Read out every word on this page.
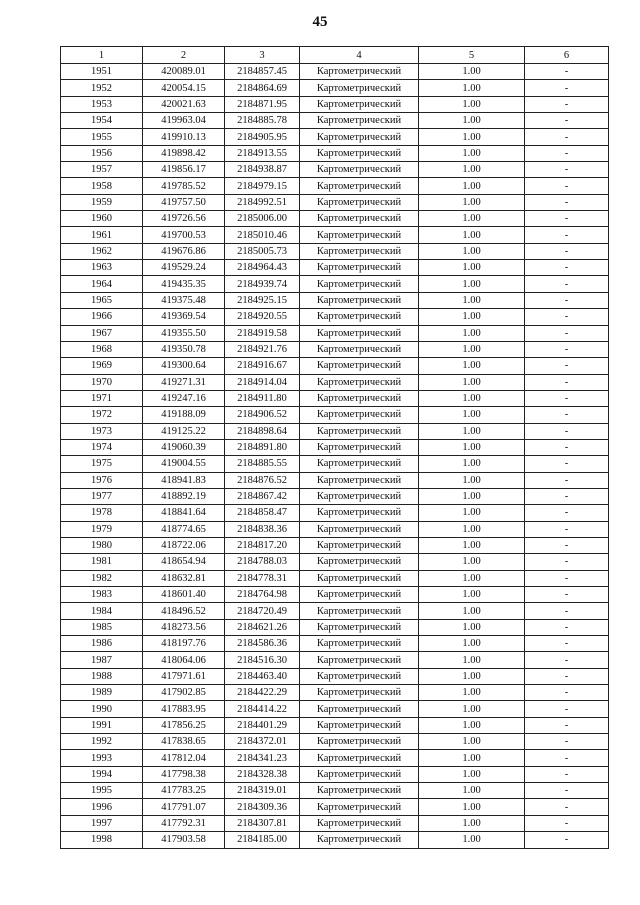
45
1	2	3	4	5	6
1951	420089.01	2184857.45	Картометрический	1.00	-
1952	420054.15	2184864.69	Картометрический	1.00	-
1953	420021.63	2184871.95	Картометрический	1.00	-
1954	419963.04	2184885.78	Картометрический	1.00	-
1955	419910.13	2184905.95	Картометрический	1.00	-
1956	419898.42	2184913.55	Картометрический	1.00	-
1957	419856.17	2184938.87	Картометрический	1.00	-
1958	419785.52	2184979.15	Картометрический	1.00	-
1959	419757.50	2184992.51	Картометрический	1.00	-
1960	419726.56	2185006.00	Картометрический	1.00	-
1961	419700.53	2185010.46	Картометрический	1.00	-
1962	419676.86	2185005.73	Картометрический	1.00	-
1963	419529.24	2184964.43	Картометрический	1.00	-
1964	419435.35	2184939.74	Картометрический	1.00	-
1965	419375.48	2184925.15	Картометрический	1.00	-
1966	419369.54	2184920.55	Картометрический	1.00	-
1967	419355.50	2184919.58	Картометрический	1.00	-
1968	419350.78	2184921.76	Картометрический	1.00	-
1969	419300.64	2184916.67	Картометрический	1.00	-
1970	419271.31	2184914.04	Картометрический	1.00	-
1971	419247.16	2184911.80	Картометрический	1.00	-
1972	419188.09	2184906.52	Картометрический	1.00	-
1973	419125.22	2184898.64	Картометрический	1.00	-
1974	419060.39	2184891.80	Картометрический	1.00	-
1975	419004.55	2184885.55	Картометрический	1.00	-
1976	418941.83	2184876.52	Картометрический	1.00	-
1977	418892.19	2184867.42	Картометрический	1.00	-
1978	418841.64	2184858.47	Картометрический	1.00	-
1979	418774.65	2184838.36	Картометрический	1.00	-
1980	418722.06	2184817.20	Картометрический	1.00	-
1981	418654.94	2184788.03	Картометрический	1.00	-
1982	418632.81	2184778.31	Картометрический	1.00	-
1983	418601.40	2184764.98	Картометрический	1.00	-
1984	418496.52	2184720.49	Картометрический	1.00	-
1985	418273.56	2184621.26	Картометрический	1.00	-
1986	418197.76	2184586.36	Картометрический	1.00	-
1987	418064.06	2184516.30	Картометрический	1.00	-
1988	417971.61	2184463.40	Картометрический	1.00	-
1989	417902.85	2184422.29	Картометрический	1.00	-
1990	417883.95	2184414.22	Картометрический	1.00	-
1991	417856.25	2184401.29	Картометрический	1.00	-
1992	417838.65	2184372.01	Картометрический	1.00	-
1993	417812.04	2184341.23	Картометрический	1.00	-
1994	417798.38	2184328.38	Картометрический	1.00	-
1995	417783.25	2184319.01	Картометрический	1.00	-
1996	417791.07	2184309.36	Картометрический	1.00	-
1997	417792.31	2184307.81	Картометрический	1.00	-
1998	417903.58	2184185.00	Картометрический	1.00	-
